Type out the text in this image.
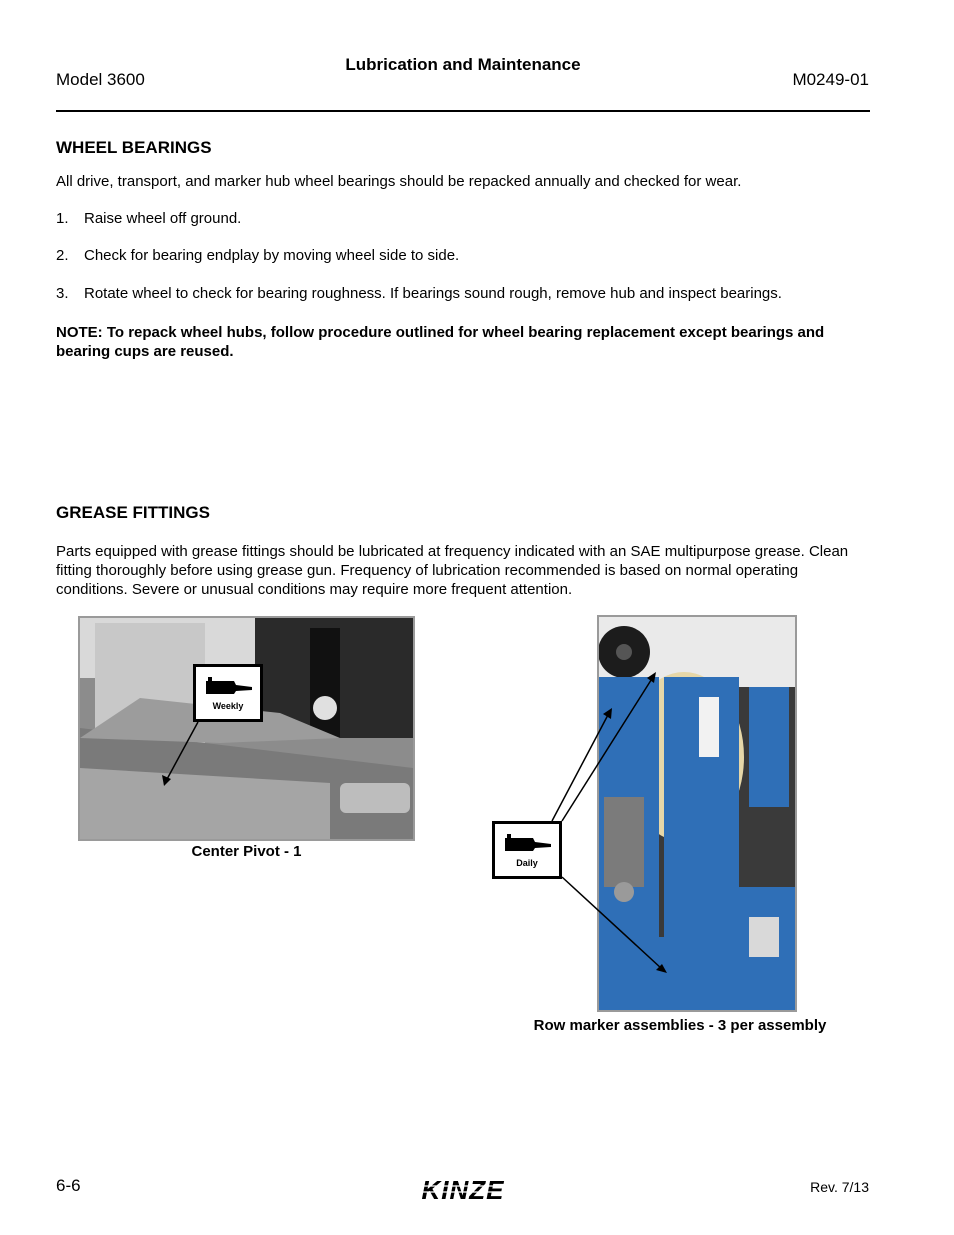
Model 3600
Lubrication and Maintenance
M0249-01
WHEEL BEARINGS

All drive, transport, and marker hub wheel bearings should be repacked annually and checked for wear.

1. Raise wheel off ground.
2. Check for bearing endplay by moving wheel side to side.
3. Rotate wheel to check for bearing roughness. If bearings sound rough, remove hub and inspect bearings.

NOTE: To repack wheel hubs, follow procedure outlined for wheel bearing replacement except bearings and bearing cups are reused.

GREASE FITTINGS

Parts equipped with grease fittings should be lubricated at frequency indicated with an SAE multipurpose grease. Clean fitting thoroughly before using grease gun. Frequency of lubrication recommended is based on normal operating conditions. Severe or unusual conditions may require more frequent attention.

Weekly
Center Pivot - 1
Daily
Row marker assemblies - 3 per assembly
6-6	KINZE	Rev. 7/13
